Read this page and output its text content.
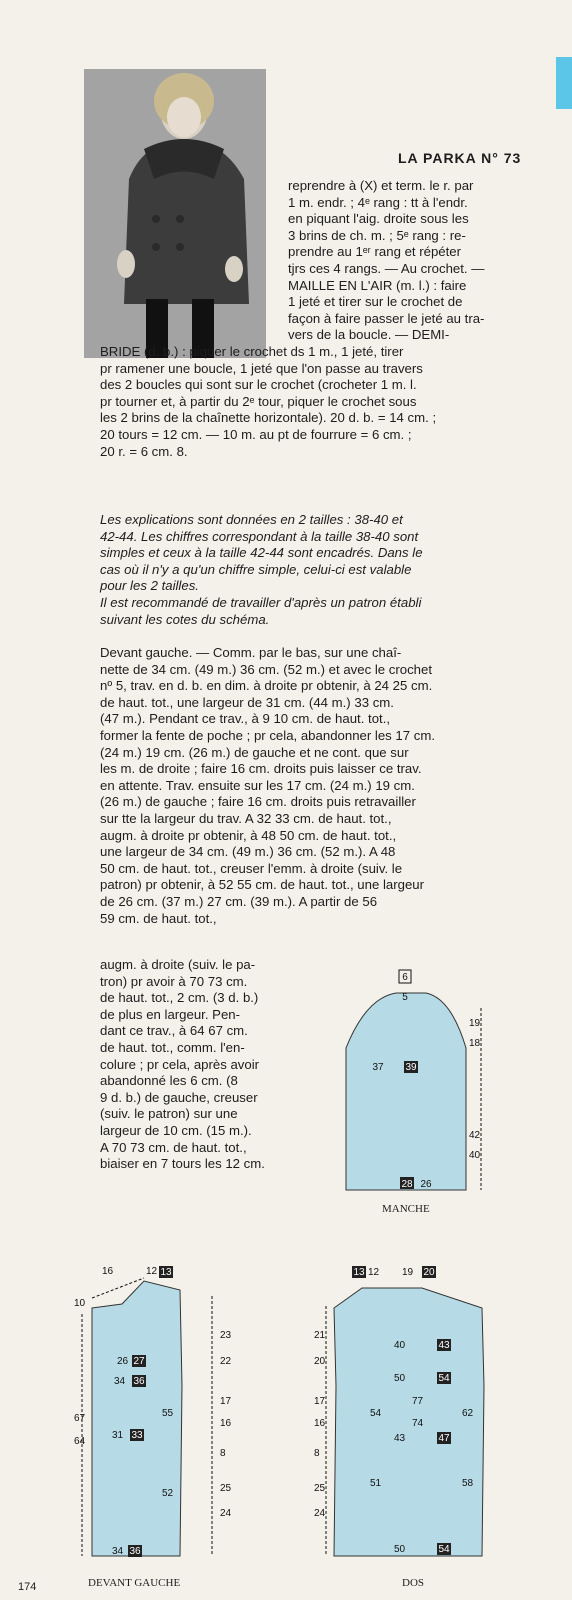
LA PARKA N° 73
reprendre à (X) et term. le r. par
1 m. endr. ; 4ᵉ rang : tt à l'endr.
en piquant l'aig. droite sous les
3 brins de ch. m. ; 5ᵉ rang : re-
prendre au 1ᵉʳ rang et répéter
tjrs ces 4 rangs. — Au crochet. —
MAILLE EN L'AIR (m. l.) : faire
1 jeté et tirer sur le crochet de
façon à faire passer le jeté au tra-
vers de la boucle. — DEMI-
BRIDE (d. b.) : piquer le crochet ds 1 m., 1 jeté, tirer
pr ramener une boucle, 1 jeté que l'on passe au travers
des 2 boucles qui sont sur le crochet (crocheter 1 m. l.
pr tourner et, à partir du 2ᵉ tour, piquer le crochet sous
les 2 brins de la chaînette horizontale). 20 d. b. = 14 cm. ;
20 tours = 12 cm. — 10 m. au pt de fourrure = 6 cm. ;
20 r. = 6 cm. 8.
Les explications sont données en 2 tailles : 38-40 et
42-44. Les chiffres correspondant à la taille 38-40 sont
simples et ceux à la taille 42-44 sont encadrés. Dans le
cas où il n'y a qu'un chiffre simple, celui-ci est valable
pour les 2 tailles.
Il est recommandé de travailler d'après un patron établi
suivant les cotes du schéma.
Devant gauche. — Comm. par le bas, sur une chaî-
nette de 34 cm. (49 m.) 36 cm. (52 m.) et avec le crochet
nº 5, trav. en d. b. en dim. à droite pr obtenir, à 24 25 cm.
de haut. tot., une largeur de 31 cm. (44 m.) 33 cm.
(47 m.). Pendant ce trav., à 9 10 cm. de haut. tot.,
former la fente de poche ; pr cela, abandonner les 17 cm.
(24 m.) 19 cm. (26 m.) de gauche et ne cont. que sur
les m. de droite ; faire 16 cm. droits puis laisser ce trav.
en attente. Trav. ensuite sur les 17 cm. (24 m.) 19 cm.
(26 m.) de gauche ; faire 16 cm. droits puis retravailler
sur tte la largeur du trav. A 32 33 cm. de haut. tot.,
augm. à droite pr obtenir, à 48 50 cm. de haut. tot.,
une largeur de 34 cm. (49 m.) 36 cm. (52 m.). A 48
50 cm. de haut. tot., creuser l'emm. à droite (suiv. le
patron) pr obtenir, à 52 55 cm. de haut. tot., une largeur
de 26 cm. (37 m.) 27 cm. (39 m.). A partir de 56
59 cm. de haut. tot.,
augm. à droite (suiv. le pa-
tron) pr avoir à 70 73 cm.
de haut. tot., 2 cm. (3 d. b.)
de plus en largeur. Pen-
dant ce trav., à 64 67 cm.
de haut. tot., comm. l'en-
colure ; pr cela, après avoir
abandonné les 6 cm. (8
9 d. b.) de gauche, creuser
(suiv. le patron) sur une
largeur de 10 cm. (15 m.).
A 70 73 cm. de haut. tot.,
biaiser en 7 tours les 12 cm.
6
5
37 39
26
28
18
19
40
42
MANCHE
16	12 13
26 27
34 36
31 33
34 36
64
67
52
55
10
22
23
16
17
8
24
25
DEVANT GAUCHE
13 12 19 20
40	43
50	54
43	47
50	54
51
54
74
77
58
62
20
21
16
17
8
24
25
DOS
174
